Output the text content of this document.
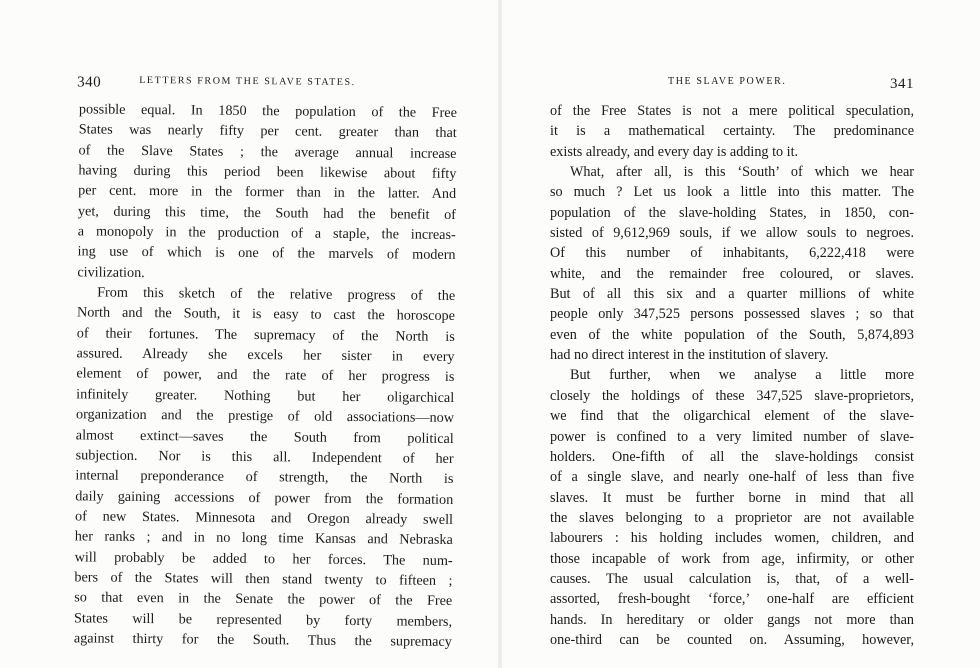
340	LETTERS FROM THE SLAVE STATES.
possible equal. In 1850 the population of the Free
States was nearly fifty per cent. greater than that
of the Slave States ; the average annual increase
having during this period been likewise about fifty
per cent. more in the former than in the latter. And
yet, during this time, the South had the benefit of
a monopoly in the production of a staple, the increas-
ing use of which is one of the marvels of modern
civilization.
From this sketch of the relative progress of the
North and the South, it is easy to cast the horoscope
of their fortunes. The supremacy of the North is
assured. Already she excels her sister in every
element of power, and the rate of her progress is
infinitely greater. Nothing but her oligarchical
organization and the prestige of old associations—now
almost extinct—saves the South from political
subjection. Nor is this all. Independent of her
internal preponderance of strength, the North is
daily gaining accessions of power from the formation
of new States. Minnesota and Oregon already swell
her ranks ; and in no long time Kansas and Nebraska
will probably be added to her forces. The num-
bers of the States will then stand twenty to fifteen ;
so that even in the Senate the power of the Free
States will be represented by forty members,
against thirty for the South. Thus the supremacy
THE SLAVE POWER.	341
of the Free States is not a mere political speculation,
it is a mathematical certainty. The predominance
exists already, and every day is adding to it.
What, after all, is this ‘South’ of which we hear
so much ? Let us look a little into this matter. The
population of the slave-holding States, in 1850, con-
sisted of 9,612,969 souls, if we allow souls to negroes.
Of this number of inhabitants, 6,222,418 were
white, and the remainder free coloured, or slaves.
But of all this six and a quarter millions of white
people only 347,525 persons possessed slaves ; so that
even of the white population of the South, 5,874,893
had no direct interest in the institution of slavery.
But further, when we analyse a little more
closely the holdings of these 347,525 slave-proprietors,
we find that the oligarchical element of the slave-
power is confined to a very limited number of slave-
holders. One-fifth of all the slave-holdings consist
of a single slave, and nearly one-half of less than five
slaves. It must be further borne in mind that all
the slaves belonging to a proprietor are not available
labourers : his holding includes women, children, and
those incapable of work from age, infirmity, or other
causes. The usual calculation is, that, of a well-
assorted, fresh-bought ‘force,’ one-half are efficient
hands. In hereditary or older gangs not more than
one-third can be counted on. Assuming, however,
